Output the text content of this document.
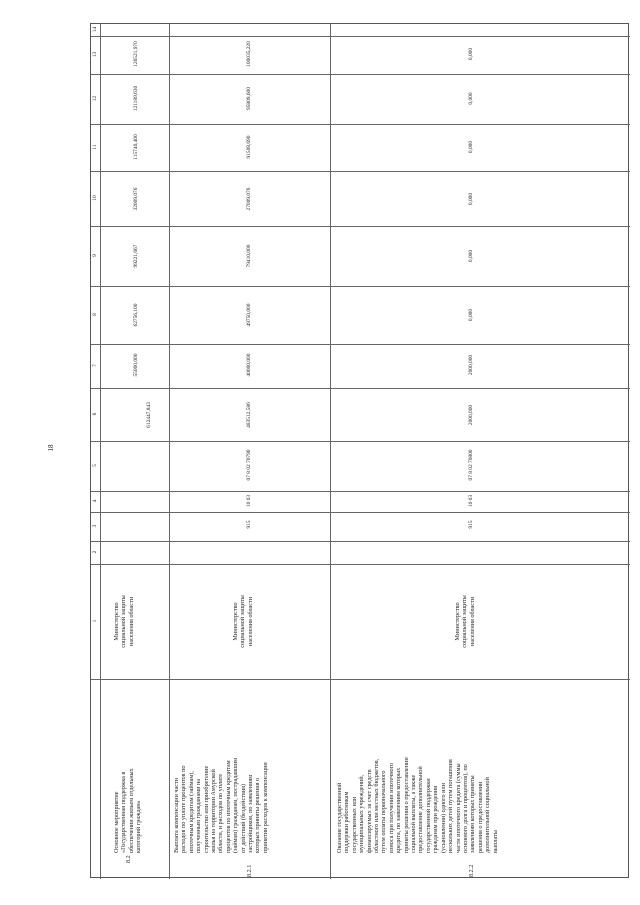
18
14
13
12
11
10
9
8
7
6
5
4
3
2
1
8.2
Основное мероприятие
«Государственная поддержка в
обеспечении жильем отдельных
категорий граждан»
Министерство
социальной защиты
населения области
612447,843
55000,000
62756,100
99221,667
32009,076
115740,400
121189,630
126521,970
8.2.1
Выплата компенсации части
расходов по уплате процентов по
ипотечным кредитам (займам),
полученным гражданами на
строительство или приобретение
жилья на территории Амурской
области, и расходов по уплате
процентов по ипотечным кредитам
(займам) гражданам, пострадавшим
от действий (бездействия)
застройщиков, по заявлениям
которых приняты решения о
принятии расходов к компенсации
Министерство
социальной защиты
населения области
915
10 03
07 8 02 70790
483512,586
40000,000
49750,000
79410,000
27009,076
91508,690
95809,600
100035,220
8.2.2
Оказание государственной
поддержки работникам
государственных или
муниципальных учреждений,
финансируемых за счет средств
областного или местных бюджетов,
путем оплаты первоначального
взноса при получении ипотечного
кредита, по заявлениям которых
приняты решения о предоставлении
социальной выплаты, а также
предоставление дополнительной
государственной поддержки
гражданам при рождении
(усыновлении) одного или
нескольких детей путем погашения
части ипотечного кредита (суммы
основного долга и процентов), по
заявлениям которых приняты
решения о предоставлении
дополнительной социальной
выплаты
Министерство
социальной защиты
населения области
915
10 03
07 8 02 70800
2000,000
2000,000
0,000
0,000
0,000
0,000
0,000
0,000
